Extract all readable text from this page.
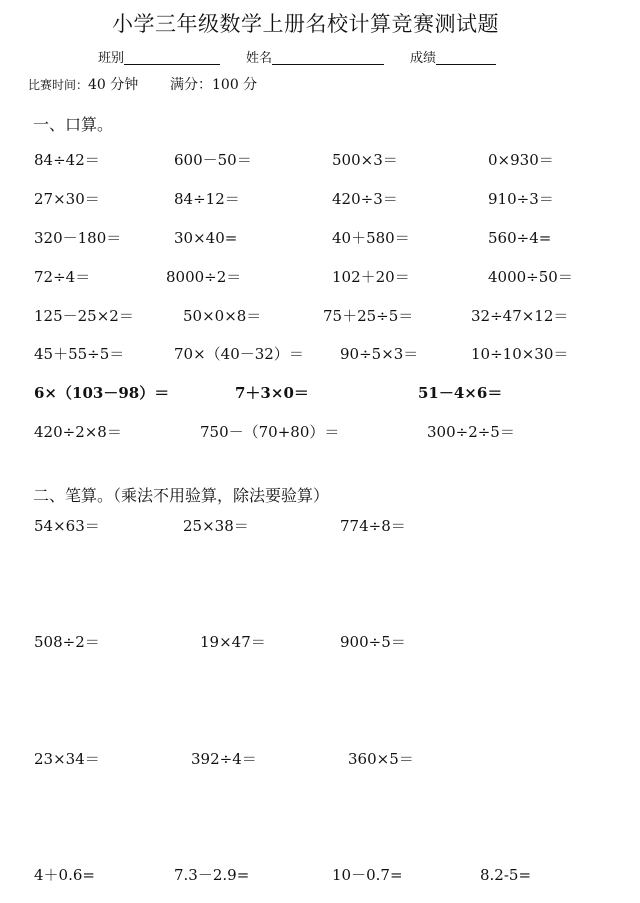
小学三年级数学上册名校计算竞赛测试题
班别	姓名	成绩
比赛时间：40 分钟 满分：100 分
一、口算。
84÷42＝	600－50＝	500×3＝	0×930＝
27×30＝	84÷12＝	420÷3＝	910÷3＝
320－180＝	30×40=	40＋580＝	560÷4=
72÷4＝	8000÷2＝	102＋20＝	4000÷50＝
125－25×2＝	50×0×8＝	75＋25÷5＝	32÷47×12＝
45＋55÷5＝	70×（40－32）＝ 90÷5×3＝	10÷10×30＝
6×（103－98）＝	7＋3×0＝	51－4×6＝
420÷2×8＝	750－（70+80）＝	300÷2÷5＝
二、笔算。（乘法不用验算，除法要验算）
54×63＝	25×38＝	774÷8＝
508÷2＝	19×47＝	900÷5＝
23×34＝	392÷4＝	360×5＝
4＋0.6=	7.3－2.9=	10－0.7=	8.2-5=
